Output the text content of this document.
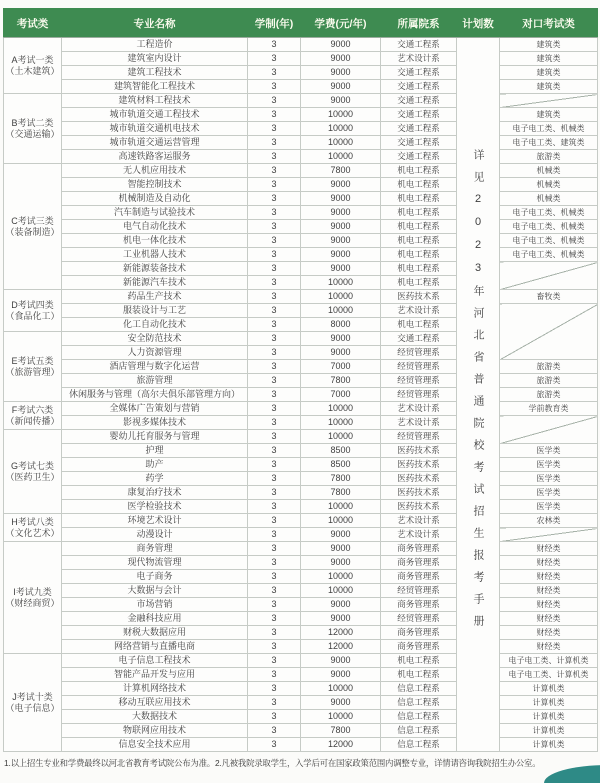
考试类	专业名称	学制(年)	学费(元/年)	所属院系	计划数	对口考试类

A考试一类
（土木建筑）	工程造价	3	9000	交通工程系	详见2023年河北省普通院校考试招生报考手册	建筑类
	建筑室内设计	3	9000	艺术设计系		建筑类
	建筑工程技术	3	9000	交通工程系		建筑类
	建筑智能化工程技术	3	9000	交通工程系		建筑类

B考试二类
（交通运输）	建筑材料工程技术	3	9000	交通工程系		
	城市轨道交通工程技术	3	10000	交通工程系		建筑类
	城市轨道交通机电技术	3	10000	交通工程系		电子电工类、机械类
	城市轨道交通运营管理	3	10000	交通工程系		电子电工类、建筑类
	高速铁路客运服务	3	10000	交通工程系		旅游类

C考试三类
（装备制造）	无人机应用技术	3	7800	机电工程系		机械类
	智能控制技术	3	9000	机电工程系		机械类
	机械制造及自动化	3	9000	机电工程系		机械类
	汽车制造与试验技术	3	9000	机电工程系		电子电工类、机械类
	电气自动化技术	3	9000	机电工程系		电子电工类、机械类
	机电一体化技术	3	9000	机电工程系		电子电工类、机械类
	工业机器人技术	3	9000	机电工程系		电子电工类、机械类
	新能源装备技术	3	9000	机电工程系		
	新能源汽车技术	3	10000	机电工程系		

D考试四类
（食品化工）	药品生产技术	3	10000	医药技术系		畜牧类
	服装设计与工艺	3	10000	艺术设计系		
	化工自动化技术	3	8000	机电工程系		

E考试五类
（旅游管理）	安全防范技术	3	9000	交通工程系		
	人力资源管理	3	9000	经贸管理系		
	酒店管理与数字化运营	3	7000	经贸管理系		旅游类
	旅游管理	3	7800	经贸管理系		旅游类
	休闲服务与管理（高尔夫俱乐部管理方向）	3	7000	经贸管理系		旅游类

F考试六类
（新闻传播）	全媒体广告策划与营销	3	10000	艺术设计系		学前教育类
	影视多媒体技术	3	10000	艺术设计系		

G考试七类
（医药卫生）	婴幼儿托育服务与管理	3	10000	经贸管理系		
	护理	3	8500	医药技术系		医学类
	助产	3	8500	医药技术系		医学类
	药学	3	7800	医药技术系		医学类
	康复治疗技术	3	7800	医药技术系		医学类
	医学检验技术	3	10000	医药技术系		医学类

H考试八类
（文化艺术）	环境艺术设计	3	10000	艺术设计系		农林类
	动漫设计	3	9000	艺术设计系		

I考试九类
（财经商贸）	商务管理	3	9000	商务管理系		财经类
	现代物流管理	3	9000	商务管理系		财经类
	电子商务	3	10000	商务管理系		财经类
	大数据与会计	3	10000	经贸管理系		财经类
	市场营销	3	9000	商务管理系		财经类
	金融科技应用	3	9000	经贸管理系		财经类
	财税大数据应用	3	12000	商务管理系		财经类
	网络营销与直播电商	3	12000	商务管理系		财经类

J考试十类
（电子信息）	电子信息工程技术	3	9000	机电工程系		电子电工类、计算机类
	智能产品开发与应用	3	9000	机电工程系		电子电工类、计算机类
	计算机网络技术	3	10000	信息工程系		计算机类
	移动互联应用技术	3	9000	信息工程系		计算机类
	大数据技术	3	10000	信息工程系		计算机类
	物联网应用技术	3	7800	信息工程系		计算机类
	信息安全技术应用	3	12000	信息工程系		计算机类
1.以上招生专业和学费最终以河北省教育考试院公布为准。2.凡被我院录取学生，入学后可在国家政策范围内调整专业，详情请咨询我院招生办公室。
